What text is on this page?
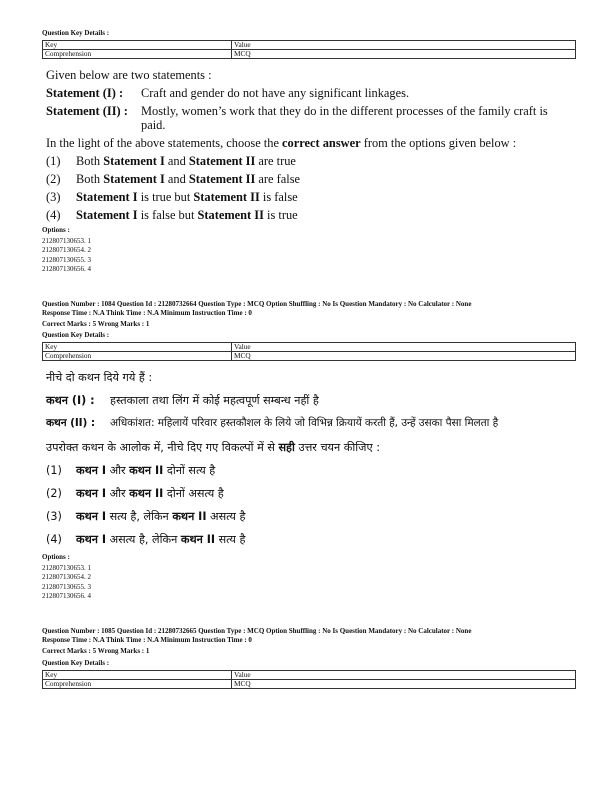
Question Key Details :
Key	Value
Comprehension	MCQ
Given below are two statements :
Statement (I) : Craft and gender do not have any significant linkages.
Statement (II) : Mostly, women’s work that they do in the different processes of the family craft is
paid.
In the light of the above statements, choose the correct answer from the options given below :
(1) Both Statement I and Statement II are true
(2) Both Statement I and Statement II are false
(3) Statement I is true but Statement II is false
(4) Statement I is false but Statement II is true
Options :
212807130653. 1
212807130654. 2
212807130655. 3
212807130656. 4
Question Number : 1084 Question Id : 21280732664 Question Type : MCQ Option Shuffling : No Is Question Mandatory : No Calculator : None
Response Time : N.A Think Time : N.A Minimum Instruction Time : 0
Correct Marks : 5 Wrong Marks : 1
Question Key Details :
Key	Value
Comprehension	MCQ
नीचे दो कथन दिये गये हैं :
कथन (I) : हस्तकाला तथा लिंग में कोई महत्वपूर्ण सम्बन्ध नहीं है
कथन (II) : अधिकांशत: महिलायें परिवार हस्तकौशल के लिये जो विभिन्न क्रियायें करती हैं, उन्हें उसका पैसा मिलता है
उपरोक्त कथन के आलोक में, नीचे दिए गए विकल्पों में से सही उत्तर चयन कीजिए :
(1) कथन I और कथन II दोनों सत्य है
(2) कथन I और कथन II दोनों असत्य है
(3) कथन I सत्य है, लेकिन कथन II असत्य है
(4) कथन I असत्य है, लेकिन कथन II सत्य है
Options :
212807130653. 1
212807130654. 2
212807130655. 3
212807130656. 4
Question Number : 1085 Question Id : 21280732665 Question Type : MCQ Option Shuffling : No Is Question Mandatory : No Calculator : None
Response Time : N.A Think Time : N.A Minimum Instruction Time : 0
Correct Marks : 5 Wrong Marks : 1
Question Key Details :
Key	Value
Comprehension	MCQ
